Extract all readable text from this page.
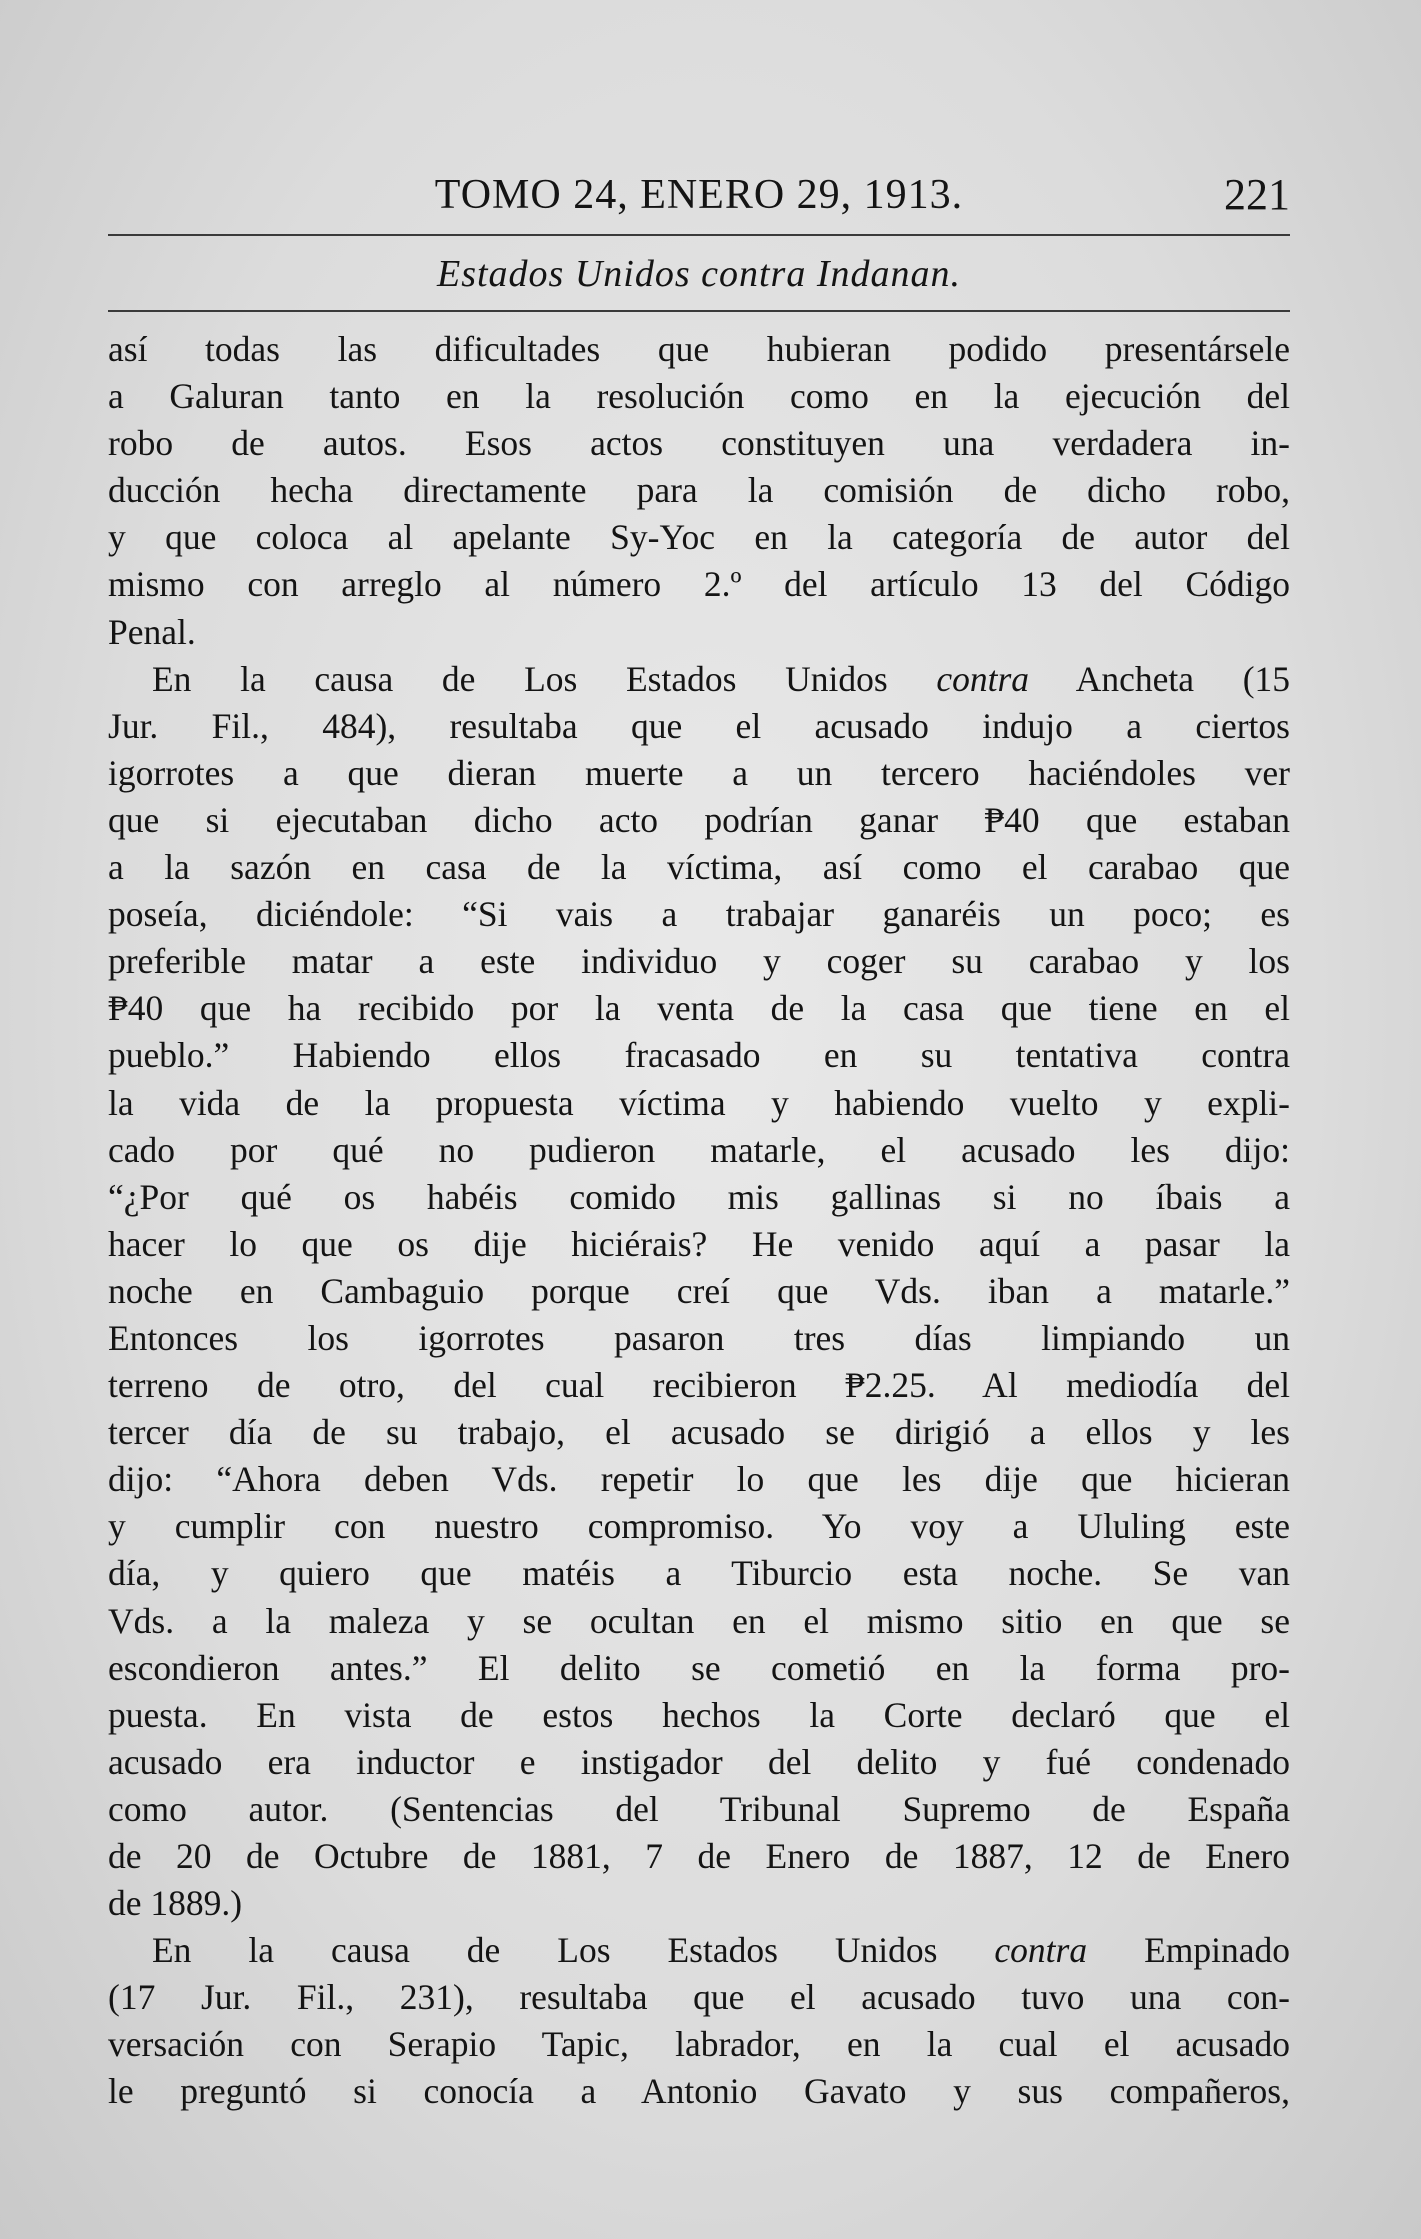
TOMO 24, ENERO 29, 1913.	221
Estados Unidos contra Indanan.
así todas las dificultades que hubieran podido presentársele
a Galuran tanto en la resolución como en la ejecución del
robo de autos. Esos actos constituyen una verdadera in-
ducción hecha directamente para la comisión de dicho robo,
y que coloca al apelante Sy-Yoc en la categoría de autor del
mismo con arreglo al número 2.º del artículo 13 del Código
Penal.
En la causa de Los Estados Unidos contra Ancheta (15
Jur. Fil., 484), resultaba que el acusado indujo a ciertos
igorrotes a que dieran muerte a un tercero haciéndoles ver
que si ejecutaban dicho acto podrían ganar ₱40 que estaban
a la sazón en casa de la víctima, así como el carabao que
poseía, diciéndole: “Si vais a trabajar ganaréis un poco; es
preferible matar a este individuo y coger su carabao y los
₱40 que ha recibido por la venta de la casa que tiene en el
pueblo.” Habiendo ellos fracasado en su tentativa contra
la vida de la propuesta víctima y habiendo vuelto y expli-
cado por qué no pudieron matarle, el acusado les dijo:
“¿Por qué os habéis comido mis gallinas si no íbais a
hacer lo que os dije hiciérais? He venido aquí a pasar la
noche en Cambaguio porque creí que Vds. iban a matarle.”
Entonces los igorrotes pasaron tres días limpiando un
terreno de otro, del cual recibieron ₱2.25. Al mediodía del
tercer día de su trabajo, el acusado se dirigió a ellos y les
dijo: “Ahora deben Vds. repetir lo que les dije que hicieran
y cumplir con nuestro compromiso. Yo voy a Ululing este
día, y quiero que matéis a Tiburcio esta noche. Se van
Vds. a la maleza y se ocultan en el mismo sitio en que se
escondieron antes.” El delito se cometió en la forma pro-
puesta. En vista de estos hechos la Corte declaró que el
acusado era inductor e instigador del delito y fué condenado
como autor. (Sentencias del Tribunal Supremo de España
de 20 de Octubre de 1881, 7 de Enero de 1887, 12 de Enero
de 1889.)
En la causa de Los Estados Unidos contra Empinado
(17 Jur. Fil., 231), resultaba que el acusado tuvo una con-
versación con Serapio Tapic, labrador, en la cual el acusado
le preguntó si conocía a Antonio Gavato y sus compañeros,
